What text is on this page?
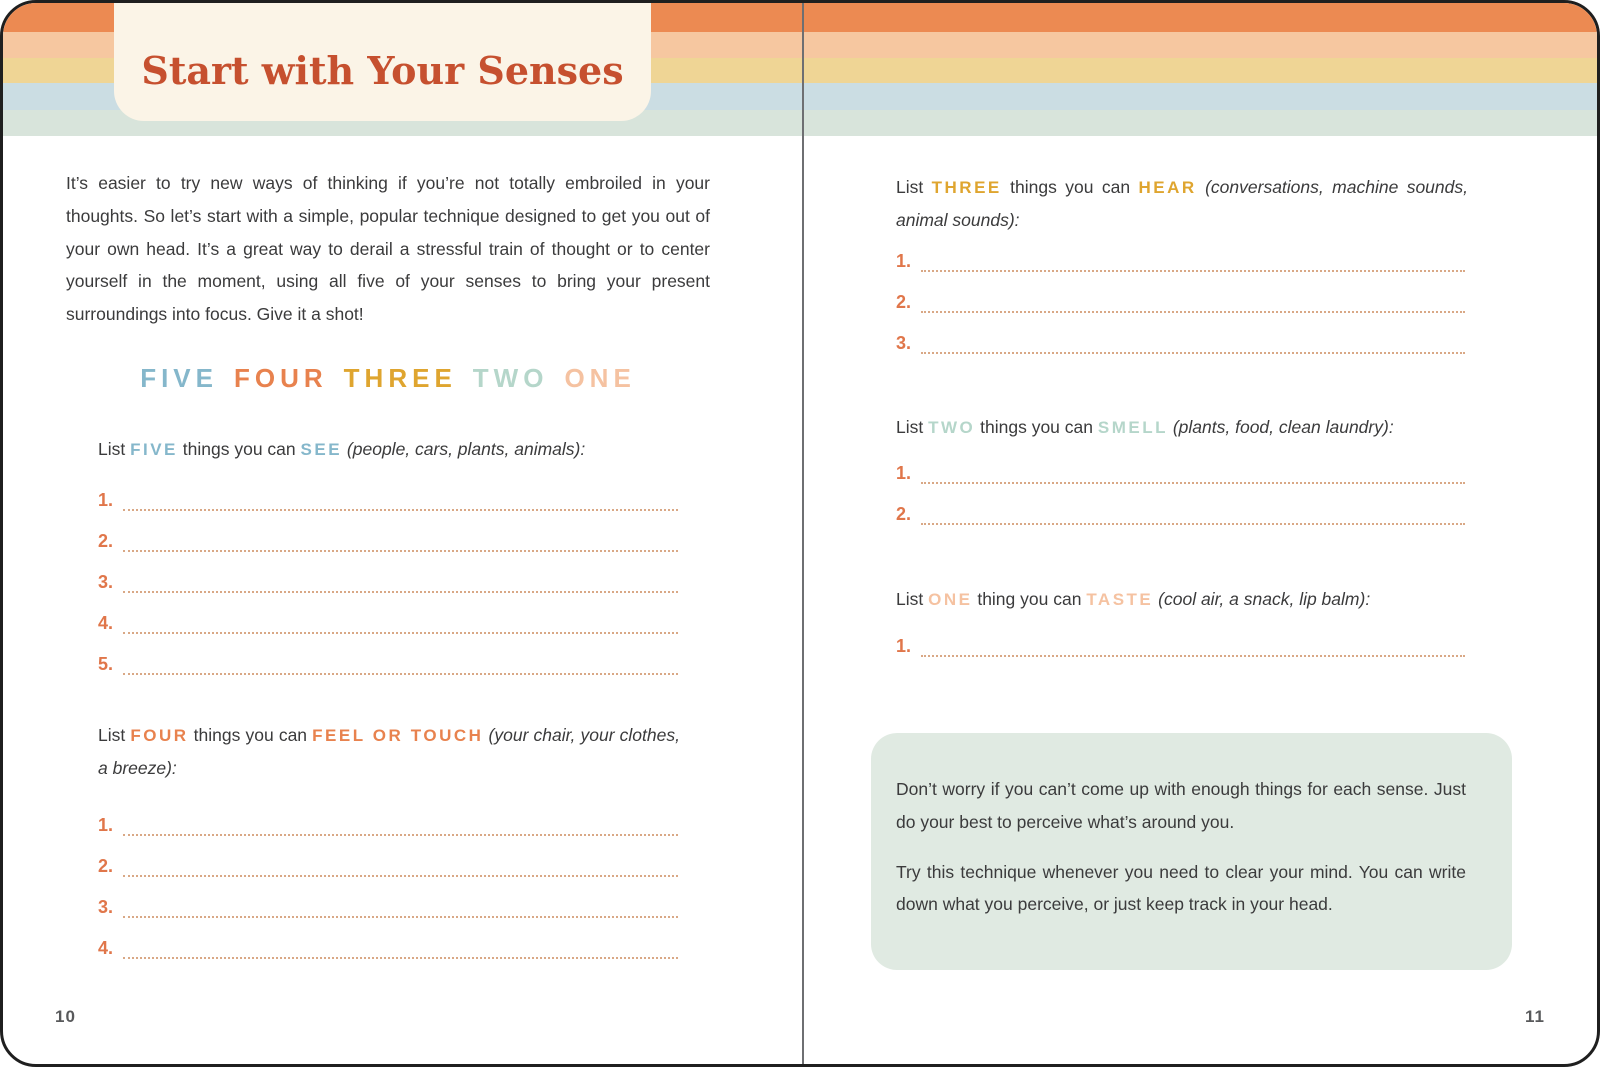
Start with Your Senses

It’s easier to try new ways of thinking if you’re not totally embroiled in your thoughts. So let’s start with a simple, popular technique designed to get you out of your own head. It’s a great way to derail a stressful train of thought or to center yourself in the moment, using all five of your senses to bring your present surroundings into focus. Give it a shot!

FIVE FOUR THREE TWO ONE

List FIVE things you can SEE (people, cars, plants, animals):

1.
2.
3.
4.
5.

List FOUR things you can FEEL OR TOUCH (your chair, your clothes, a breeze):

1.
2.
3.
4.

List THREE things you can HEAR (conversations, machine sounds, animal sounds):

1.
2.
3.

List TWO things you can SMELL (plants, food, clean laundry):

1.
2.

List ONE thing you can TASTE (cool air, a snack, lip balm):

1.

Don’t worry if you can’t come up with enough things for each sense. Just do your best to perceive what’s around you.

Try this technique whenever you need to clear your mind. You can write down what you perceive, or just keep track in your head.

10	11
